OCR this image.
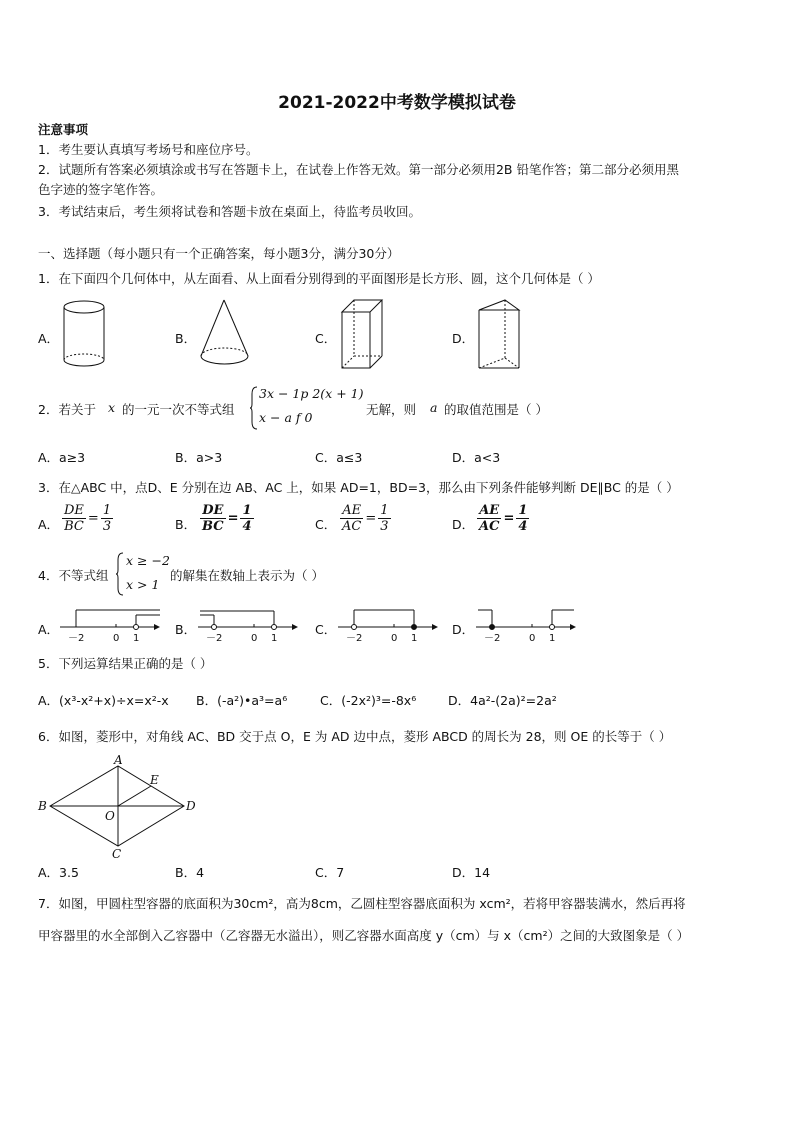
2021-2022中考数学模拟试卷
注意事项
1．考生要认真填写考场号和座位序号。
2．试题所有答案必须填涂或书写在答题卡上，在试卷上作答无效。第一部分必须用2B 铅笔作答；第二部分必须用黑
色字迹的签字笔作答。
3．考试结束后，考生须将试卷和答题卡放在桌面上，待监考员收回。
一、选择题（每小题只有一个正确答案，每小题3分，满分30分）
1．在下面四个几何体中，从左面看、从上面看分别得到的平面图形是长方形、圆，这个几何体是（ ）
A．	B．	C．	D．
2．若关于 x 的一元一次不等式组
3x − 1p 2(x + 1)
x − a f 0
无解，则 a 的取值范围是（ ）
A．a≥3	B．a>3	C．a≤3	D．a<3
3．在△ABC 中，点D、E 分别在边 AB、AC 上，如果 AD=1，BD=3，那么由下列条件能够判断 DE∥BC 的是（ ）
A． $\frac{DE}{BC} = \frac{1}{3}$	B． $\frac{DE}{BC} = \frac{1}{4}$	C． $\frac{AE}{AC} = \frac{1}{3}$	D． $\frac{AE}{AC} = \frac{1}{4}$
4．不等式组
x ≥ −2
x > 1
的解集在数轴上表示为（ ）
A．	B．	C．	D．
－2	0 1	－2	0 1	－2	0 1	－2	0 1
5．下列运算结果正确的是（ ）
A．(x³-x²+x)÷x=x²-x B．(-a²)•a³=a⁶	C．(-2x²)³=-8x⁶	D．4a²-(2a)²=2a²
6．如图，菱形中，对角线 AC、BD 交于点 O，E 为 AD 边中点，菱形 ABCD 的周长为 28，则 OE 的长等于（ ）
A
B
C
D
E
O
A．3.5	B．4	C．7	D．14
7．如图，甲圆柱型容器的底面积为30cm²，高为8cm，乙圆柱型容器底面积为 xcm²，若将甲容器装满水，然后再将
甲容器里的水全部倒入乙容器中（乙容器无水溢出），则乙容器水面高度 y（cm）与 x（cm²）之间的大致图象是（ ）
